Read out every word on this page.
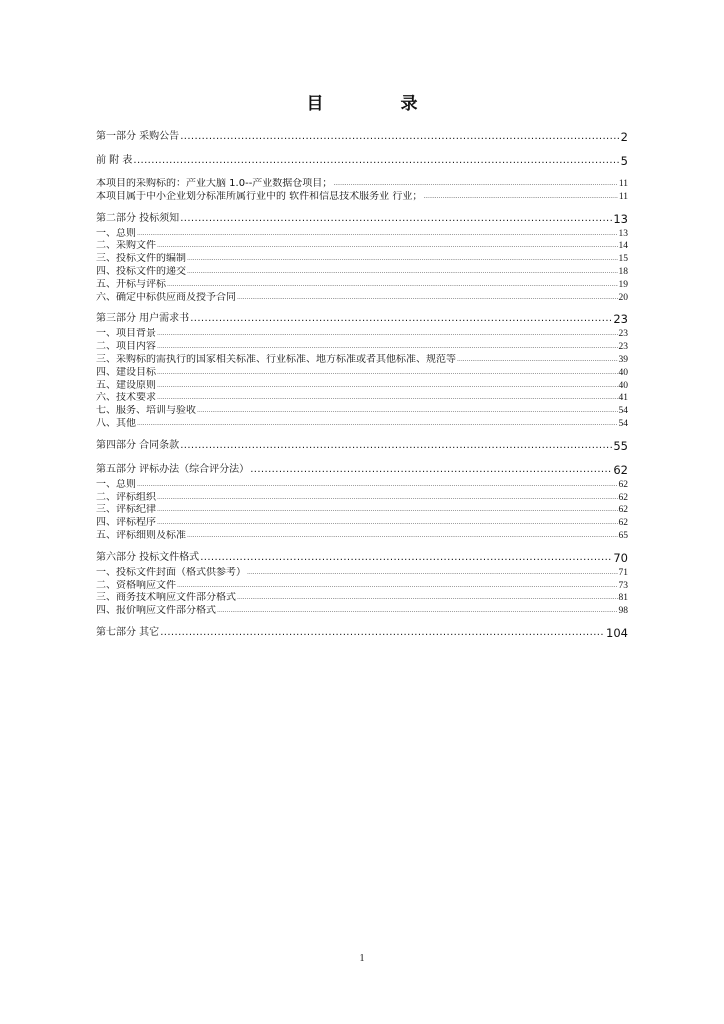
目　录
第一部分 采购公告 .....	2
前 附 表 .....	5
本项目的采购标的：产业大脑 1.0--产业数据仓项目； .....	11
本项目属于中小企业划分标准所属行业中的 软件和信息技术服务业 行业； .....	11
第二部分 投标须知 .....	13
一、总则 .....	13
二、采购文件 .....	14
三、投标文件的编制 .....	15
四、投标文件的递交 .....	18
五、开标与评标 .....	19
六、确定中标供应商及授予合同 .....	20
第三部分 用户需求书 .....	23
一、项目背景 .....	23
二、项目内容 .....	23
三、采购标的需执行的国家相关标准、行业标准、地方标准或者其他标准、规范等 .....	39
四、建设目标 .....	40
五、建设原则 .....	40
六、技术要求 .....	41
七、服务、培训与验收 .....	54
八、其他 .....	54
第四部分 合同条款 .....	55
第五部分 评标办法（综合评分法） .....	62
一、总则 .....	62
二、评标组织 .....	62
三、评标纪律 .....	62
四、评标程序 .....	62
五、评标细则及标准 .....	65
第六部分 投标文件格式 .....	70
一、投标文件封面（格式供参考） .....	71
二、资格响应文件 .....	73
三、商务技术响应文件部分格式 .....	81
四、报价响应文件部分格式 .....	98
第七部分 其它 .....	104
1
